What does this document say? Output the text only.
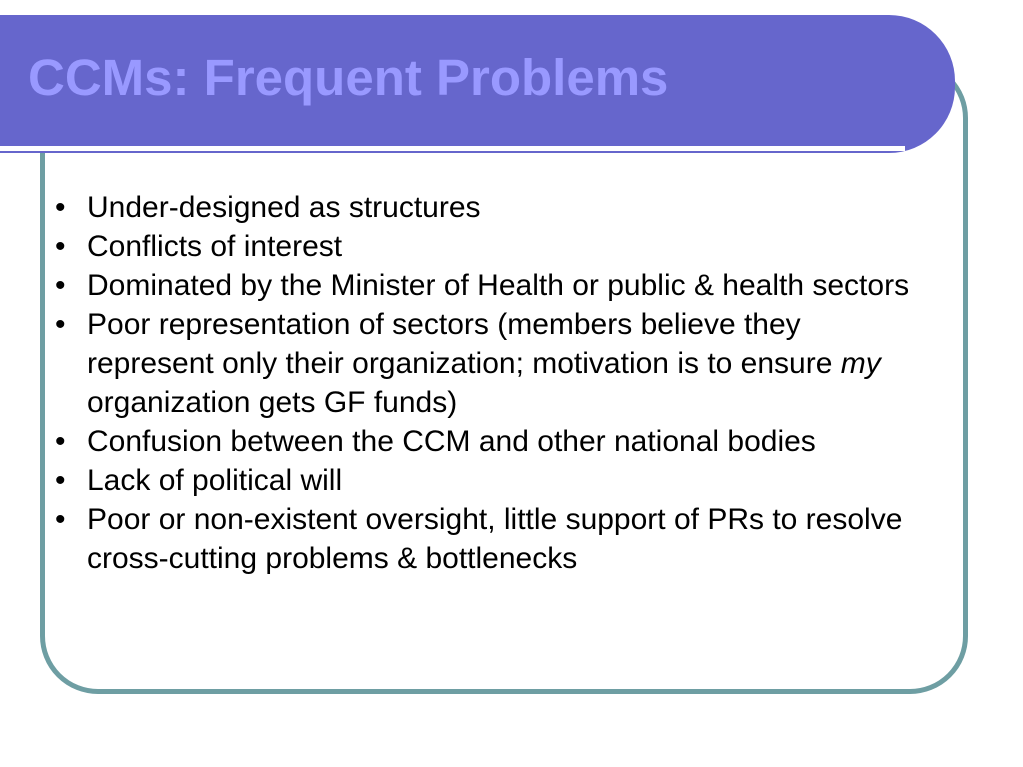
CCMs: Frequent Problems
• Under-designed as structures
• Conflicts of interest
• Dominated by the Minister of Health or public & health sectors
• Poor representation of sectors (members believe they represent only their organization; motivation is to ensure my organization gets GF funds)
• Confusion between the CCM and other national bodies
• Lack of political will
• Poor or non-existent oversight, little support of PRs to resolve cross-cutting problems & bottlenecks
